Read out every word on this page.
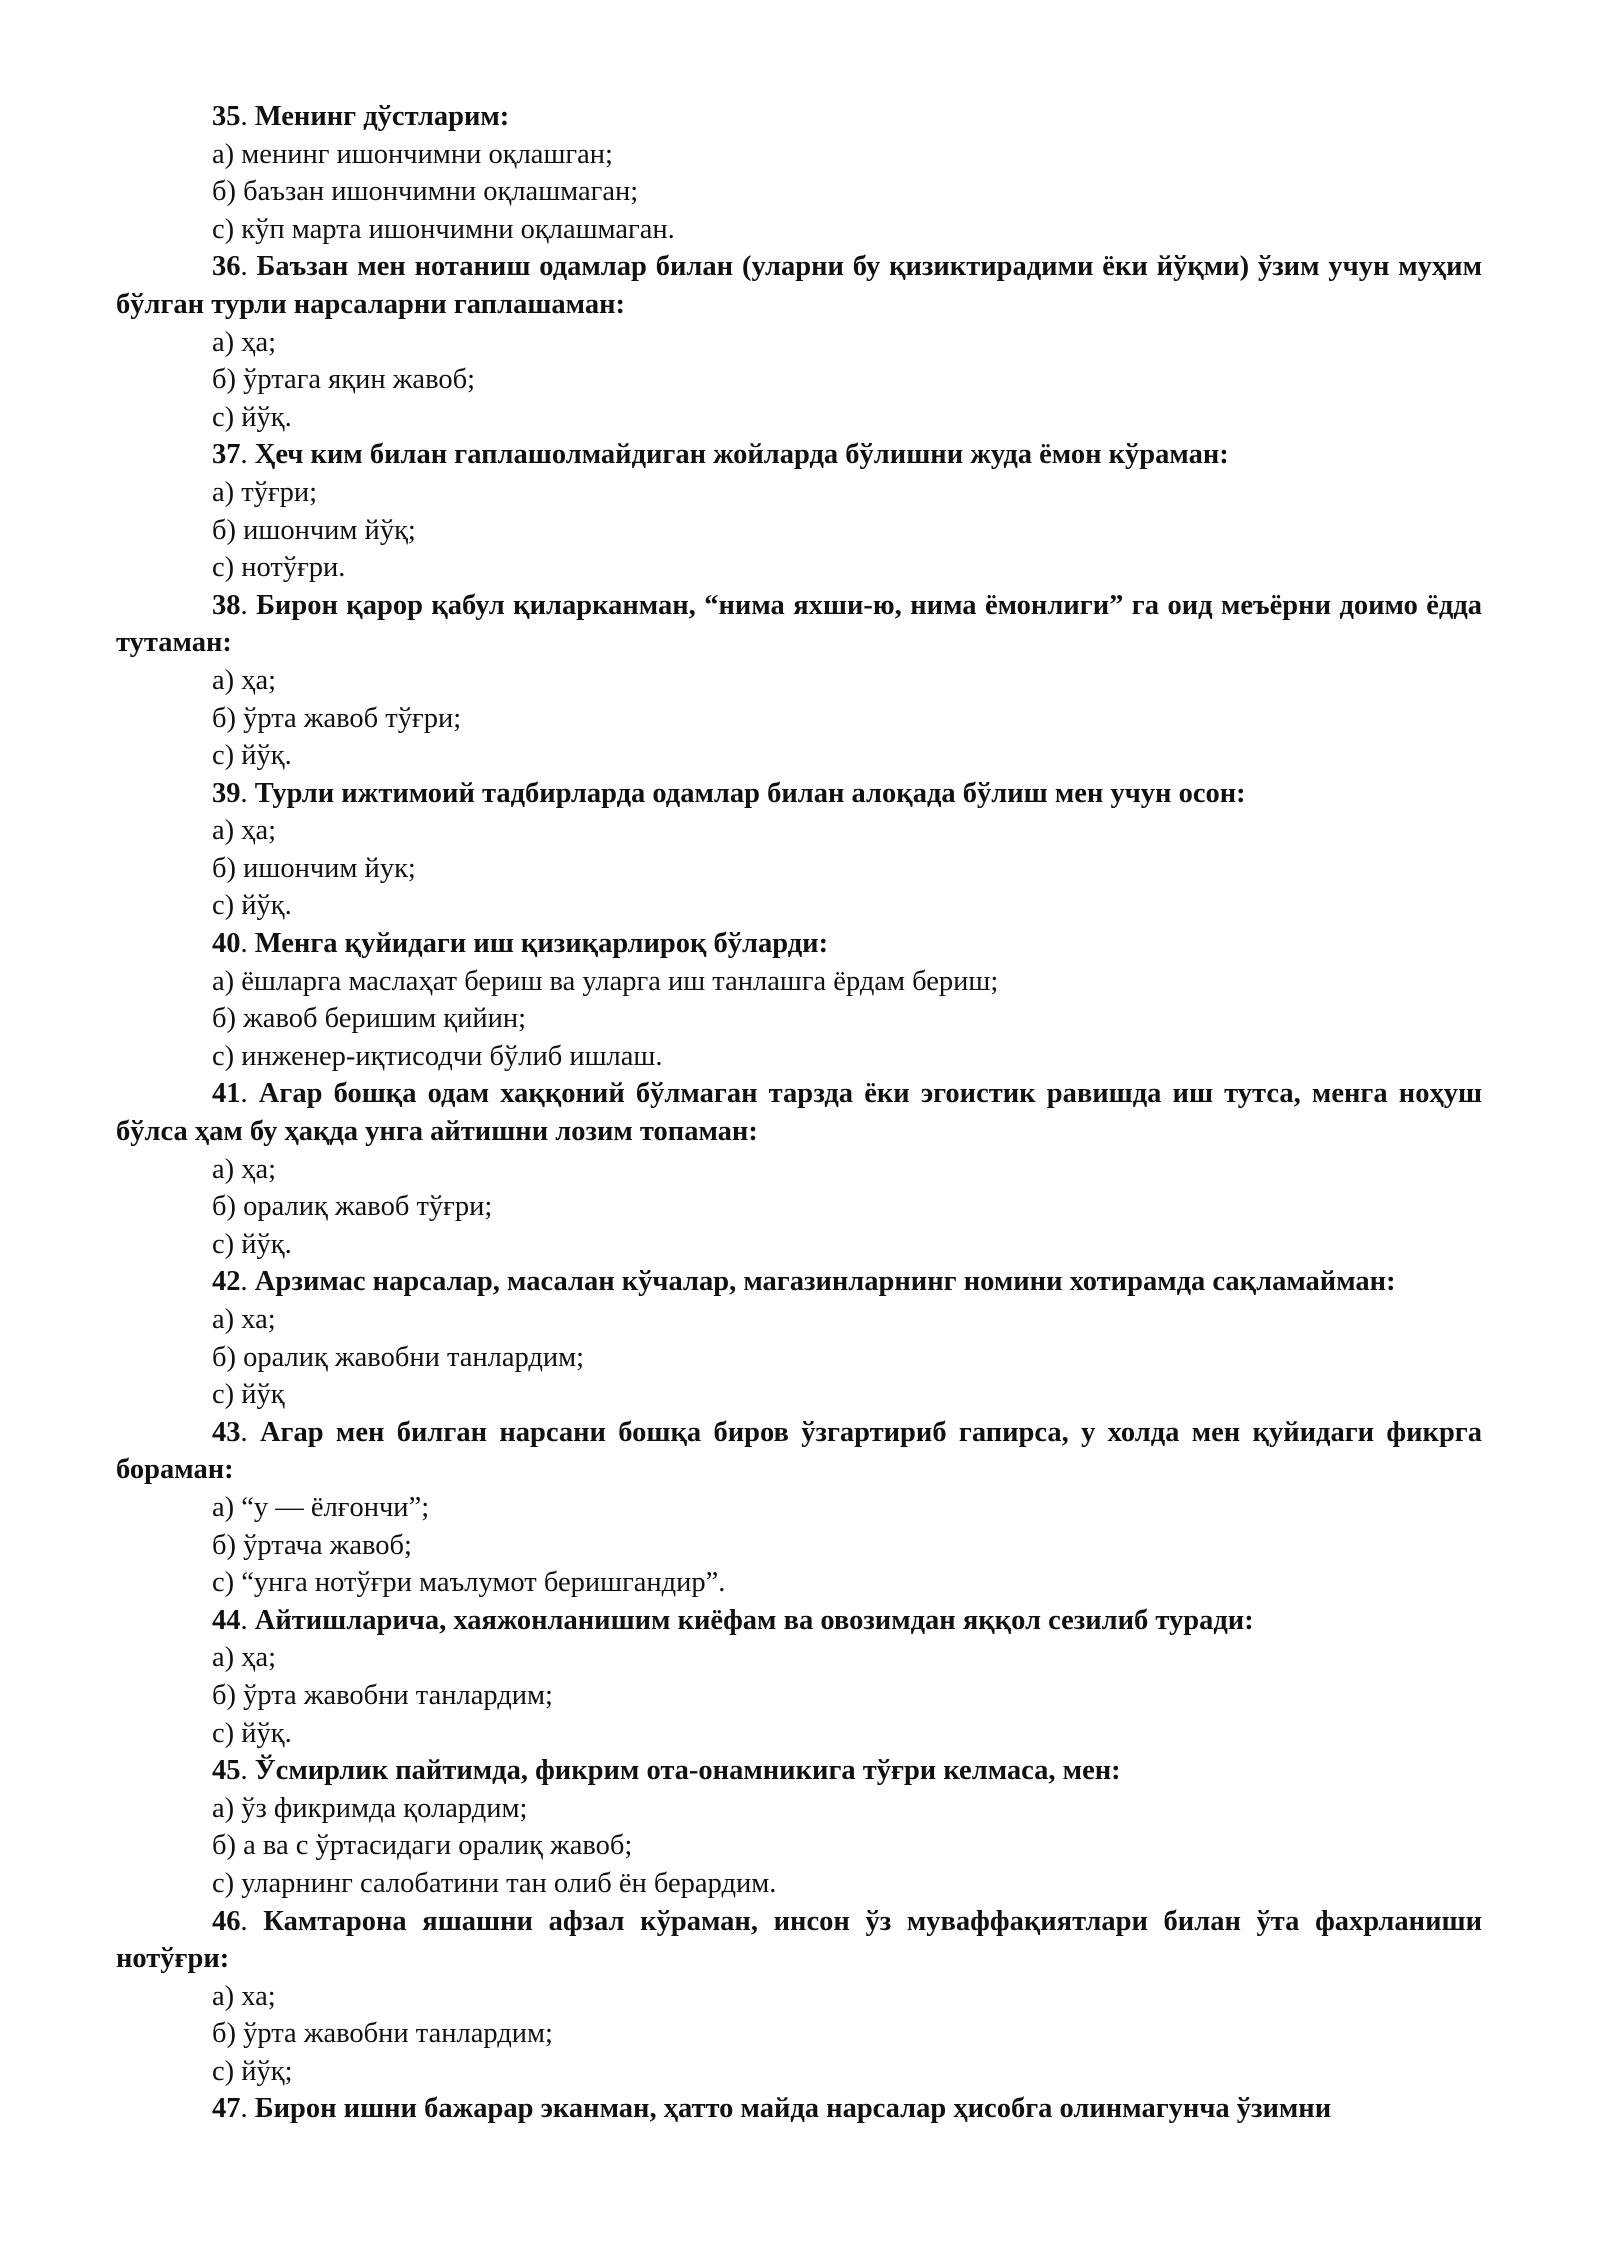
35. Менинг дўстларим:

а) менинг ишончимни оқлашган;

б) баъзан ишончимни оқлашмаган;

с) кўп марта ишончимни оқлашмаган.

36. Баъзан мен нотаниш одамлар билан (уларни бу қизиктирадими ёки йўқми) ўзим учун муҳим бўлган турли нарсаларни гаплашаман:

а) ҳа;

б) ўртага яқин жавоб;

с) йўқ.

37. Ҳеч ким билан гаплашолмайдиган жойларда бўлишни жуда ёмон кўраман:

а) тўғри;

б) ишончим йўқ;

с) нотўғри.

38. Бирон қарор қабул қиларканман, “нима яхши-ю, нима ёмонлиги” га оид меъёрни доимо ёдда тутаман:

а) ҳа;

б) ўрта жавоб тўғри;

с) йўқ.

39. Турли ижтимоий тадбирларда одамлар билан алоқада бўлиш мен учун осон:

а) ҳа;

б) ишончим йук;

с) йўқ.

40. Менга қуйидаги иш қизиқарлироқ бўларди:

а) ёшларга маслаҳат бериш ва уларга иш танлашга ёрдам бериш;

б) жавоб беришим қийин;

с) инженер-иқтисодчи бўлиб ишлаш.

41. Агар бошқа одам хаққоний бўлмаган тарзда ёки эгоистик равишда иш тутса, менга ноҳуш бўлса ҳам бу ҳақда унга айтишни лозим топаман:

а) ҳа;

б) оралиқ жавоб тўғри;

с) йўқ.

42. Арзимас нарсалар, масалан кўчалар, магазинларнинг номини хотирамда сақламайман:

а) ха;

б) оралиқ жавобни танлардим;

с) йўқ

43. Агар мен билган нарсани бошқа биров ўзгартириб гапирса, у холда мен қуйидаги фикрга бораман:

а) “у — ёлғончи”;

б) ўртача жавоб;

с) “унга нотўғри маълумот беришгандир”.

44. Айтишларича, хаяжонланишим киёфам ва овозимдан яққол сезилиб туради:

а) ҳа;

б) ўрта жавобни танлардим;

с) йўқ.

45. Ўсмирлик пайтимда, фикрим ота-онамникига тўғри келмаса, мен:

а) ўз фикримда қолардим;

б) а ва с ўртасидаги оралиқ жавоб;

с) уларнинг салобатини тан олиб ён берардим.

46. Камтарона яшашни афзал кўраман, инсон ўз муваффақиятлари билан ўта фахрланиши нотўғри:

а) ха;

б) ўрта жавобни танлардим;

с) йўқ;

47. Бирон ишни бажарар эканман, ҳатто майда нарсалар ҳисобга олинмагунча ўзимни
